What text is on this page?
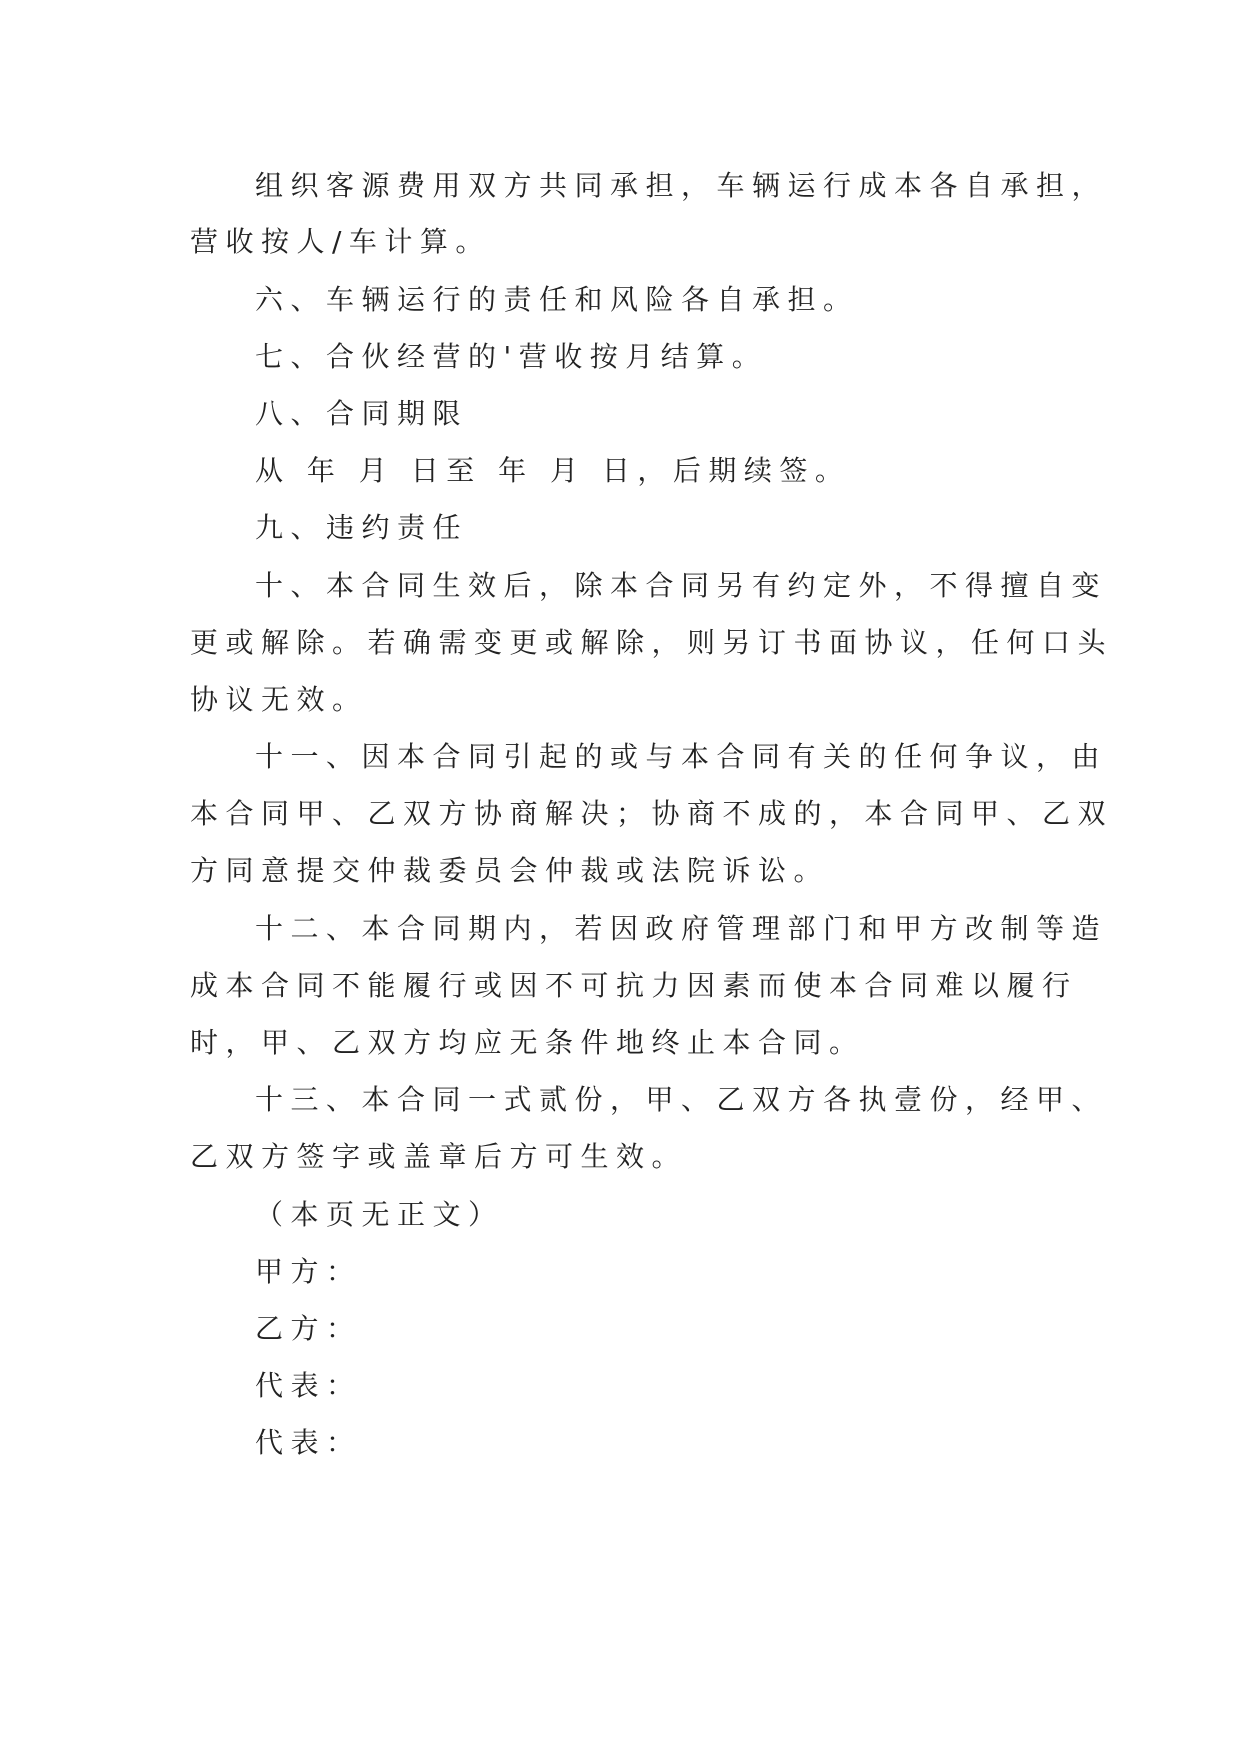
组织客源费用双方共同承担，车辆运行成本各自承担，
营收按人/车计算。
六、车辆运行的责任和风险各自承担。
七、合伙经营的'营收按月结算。
八、合同期限
从 年 月 日至 年 月 日，后期续签。
九、违约责任
十、本合同生效后，除本合同另有约定外，不得擅自变
更或解除。若确需变更或解除，则另订书面协议，任何口头
协议无效。
十一、因本合同引起的或与本合同有关的任何争议，由
本合同甲、乙双方协商解决；协商不成的，本合同甲、乙双
方同意提交仲裁委员会仲裁或法院诉讼。
十二、本合同期内，若因政府管理部门和甲方改制等造
成本合同不能履行或因不可抗力因素而使本合同难以履行
时，甲、乙双方均应无条件地终止本合同。
十三、本合同一式贰份，甲、乙双方各执壹份，经甲、
乙双方签字或盖章后方可生效。
（本页无正文）
甲方：
乙方：
代表：
代表：
